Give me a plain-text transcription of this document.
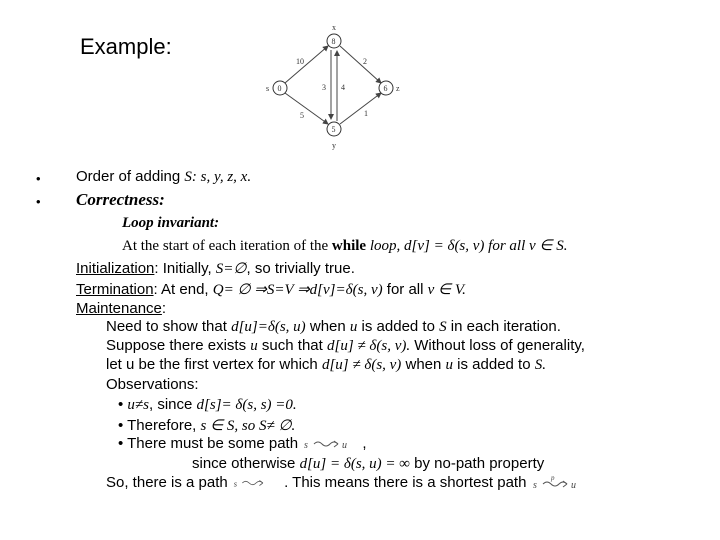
Example:
10
5
2
1
3 4
8
x
0
s	6 z
5
y
• Order of adding S: s, y, z, x.
• Correctness:
Loop invariant:
At the start of each iteration of the while loop, d[v] = δ(s, v) for all v ∈ S.
Initialization: Initially, S=∅, so trivially true.
Termination: At end, Q= ∅ ⇒S=V ⇒d[v]=δ(s, v) for all v ∈ V.
Maintenance:
Need to show that d[u]=δ(s, u) when u is added to S in each iteration.
Suppose there exists u such that d[u] ≠ δ(s, v). Without loss of generality,
let u be the first vertex for which d[u] ≠ δ(s, v) when u is added to S.
Observations:
• u≠s, since d[s]= δ(s, s) =0.
• Therefore, s ∈ S, so S≠ ∅.
• There must be some path s	u ,
since otherwise d[u] = δ(s, u) = ∞ by no-path property
So, there is a path s	. This means there is a shortest path s
p
u
